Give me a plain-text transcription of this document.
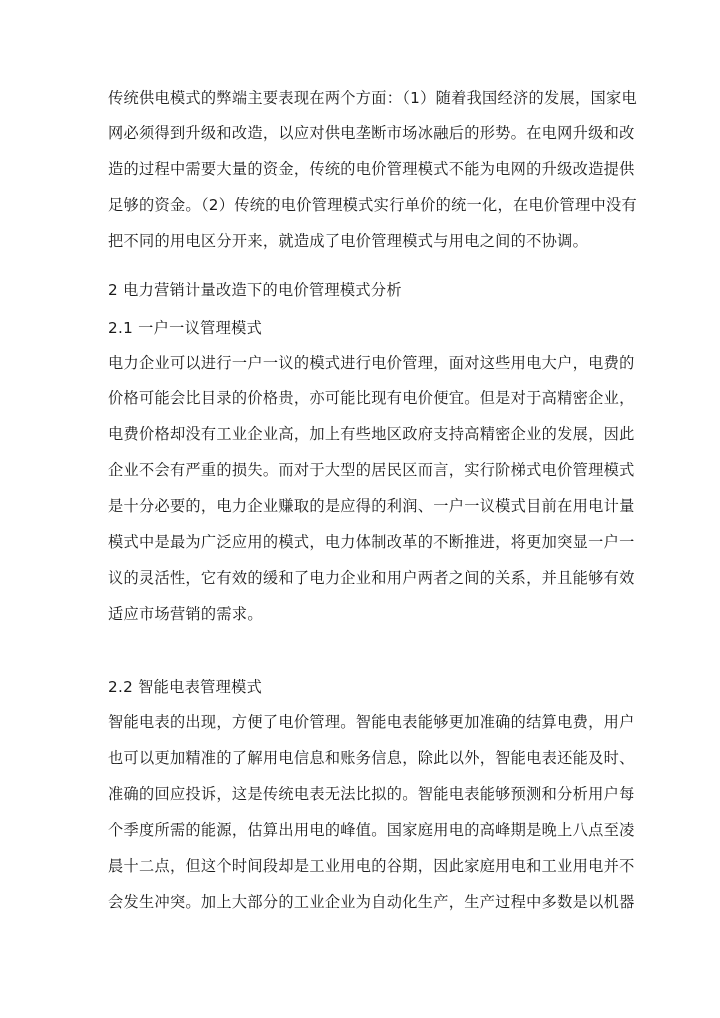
传统供电模式的弊端主要表现在两个方面：（1）随着我国经济的发展，国家电
网必须得到升级和改造，以应对供电垄断市场冰融后的形势。在电网升级和改
造的过程中需要大量的资金，传统的电价管理模式不能为电网的升级改造提供
足够的资金。（2）传统的电价管理模式实行单价的统一化，在电价管理中没有
把不同的用电区分开来，就造成了电价管理模式与用电之间的不协调。
2 电力营销计量改造下的电价管理模式分析
2.1 一户一议管理模式
电力企业可以进行一户一议的模式进行电价管理，面对这些用电大户，电费的
价格可能会比目录的价格贵，亦可能比现有电价便宜。但是对于高精密企业，
电费价格却没有工业企业高，加上有些地区政府支持高精密企业的发展，因此
企业不会有严重的损失。而对于大型的居民区而言，实行阶梯式电价管理模式
是十分必要的，电力企业赚取的是应得的利润、一户一议模式目前在用电计量
模式中是最为广泛应用的模式，电力体制改革的不断推进，将更加突显一户一
议的灵活性，它有效的缓和了电力企业和用户两者之间的关系，并且能够有效
适应市场营销的需求。
2.2 智能电表管理模式
智能电表的出现，方便了电价管理。智能电表能够更加准确的结算电费，用户
也可以更加精准的了解用电信息和账务信息，除此以外，智能电表还能及时、
准确的回应投诉，这是传统电表无法比拟的。智能电表能够预测和分析用户每
个季度所需的能源，估算出用电的峰值。国家庭用电的高峰期是晚上八点至凌
晨十二点，但这个时间段却是工业用电的谷期，因此家庭用电和工业用电并不
会发生冲突。加上大部分的工业企业为自动化生产，生产过程中多数是以机器
